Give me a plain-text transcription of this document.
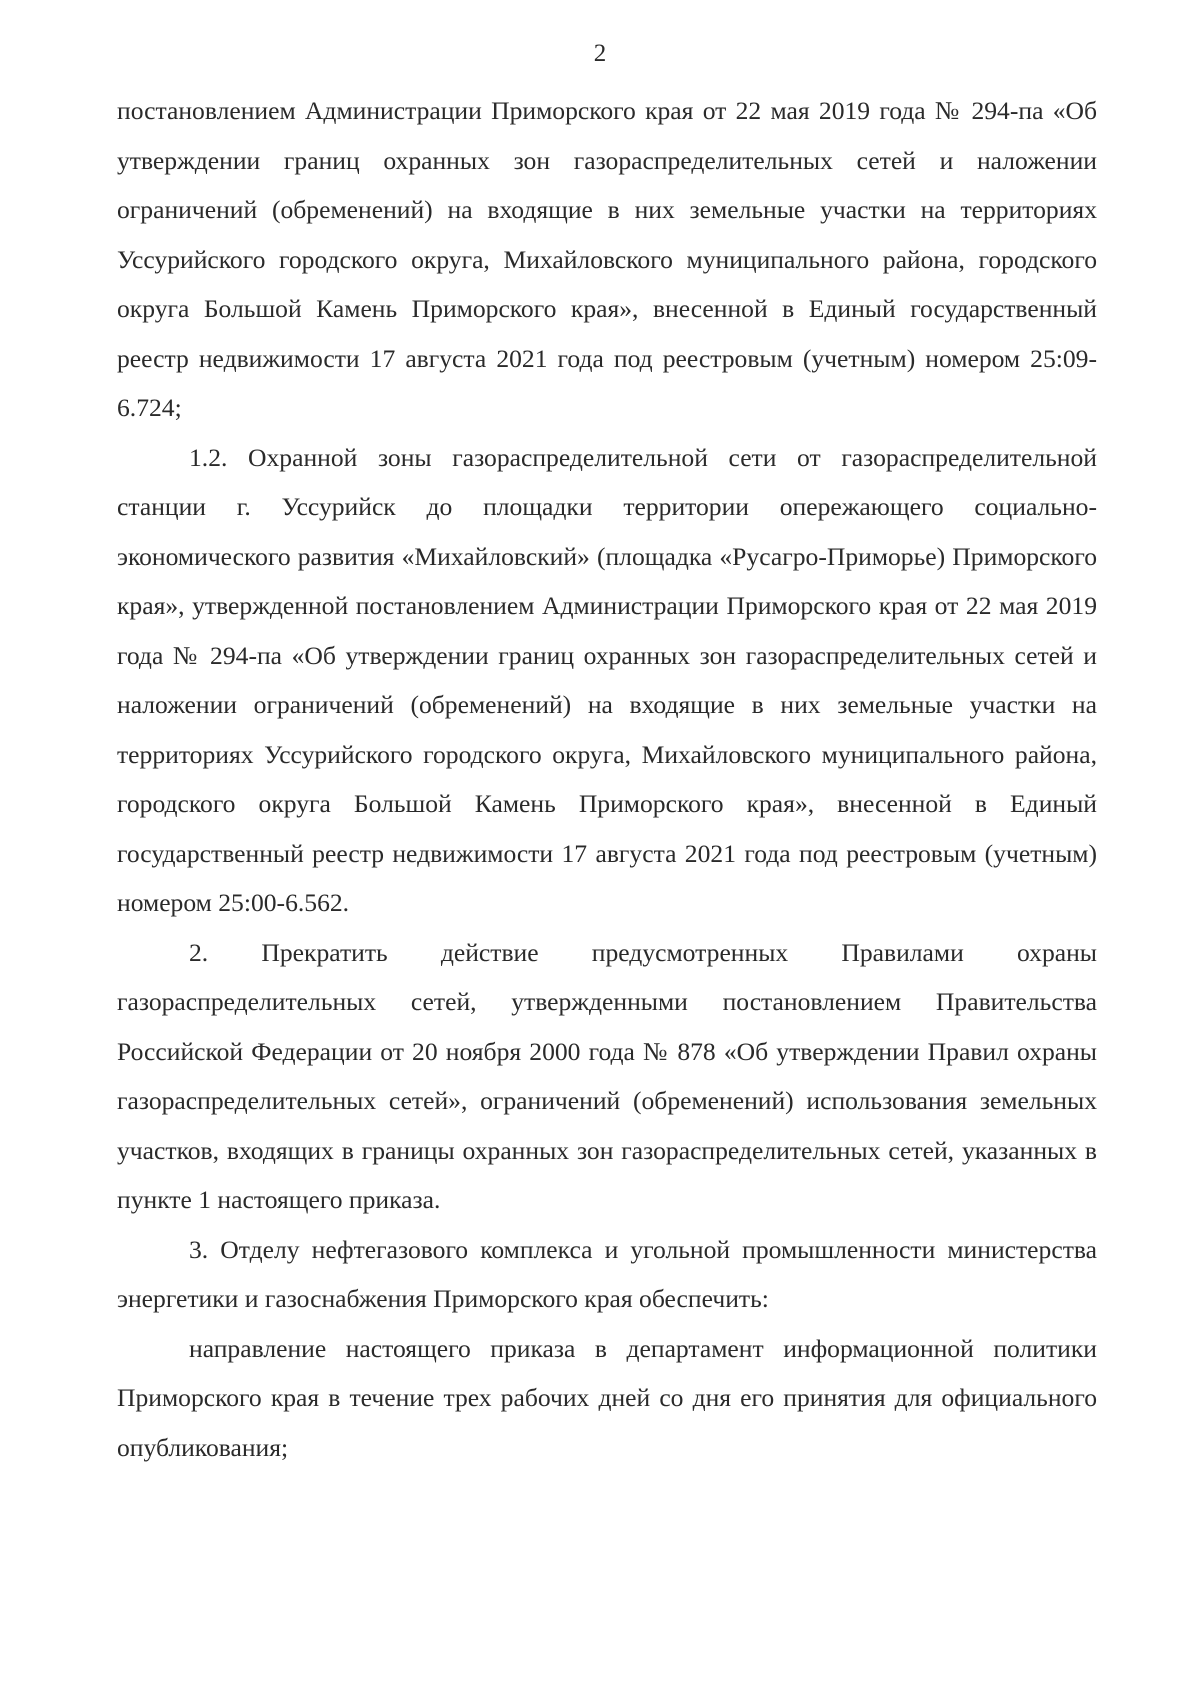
2

постановлением Администрации Приморского края от 22 мая 2019 года № 294-па «Об утверждении границ охранных зон газораспределительных сетей и наложении ограничений (обременений) на входящие в них земельные участки на территориях Уссурийского городского округа, Михайловского муниципального района, городского округа Большой Камень Приморского края», внесенной в Единый государственный реестр недвижимости 17 августа 2021 года под реестровым (учетным) номером 25:09-6.724;

1.2. Охранной зоны газораспределительной сети от газораспределительной станции г. Уссурийск до площадки территории опережающего социально-экономического развития «Михайловский» (площадка «Русагро-Приморье) Приморского края», утвержденной постановлением Администрации Приморского края от 22 мая 2019 года № 294-па «Об утверждении границ охранных зон газораспределительных сетей и наложении ограничений (обременений) на входящие в них земельные участки на территориях Уссурийского городского округа, Михайловского муниципального района, городского округа Большой Камень Приморского края», внесенной в Единый государственный реестр недвижимости 17 августа 2021 года под реестровым (учетным) номером 25:00-6.562.

2. Прекратить действие предусмотренных Правилами охраны газораспределительных сетей, утвержденными постановлением Правительства Российской Федерации от 20 ноября 2000 года № 878 «Об утверждении Правил охраны газораспределительных сетей», ограничений (обременений) использования земельных участков, входящих в границы охранных зон газораспределительных сетей, указанных в пункте 1 настоящего приказа.

3. Отделу нефтегазового комплекса и угольной промышленности министерства энергетики и газоснабжения Приморского края обеспечить:

направление настоящего приказа в департамент информационной политики Приморского края в течение трех рабочих дней со дня его принятия для официального опубликования;
